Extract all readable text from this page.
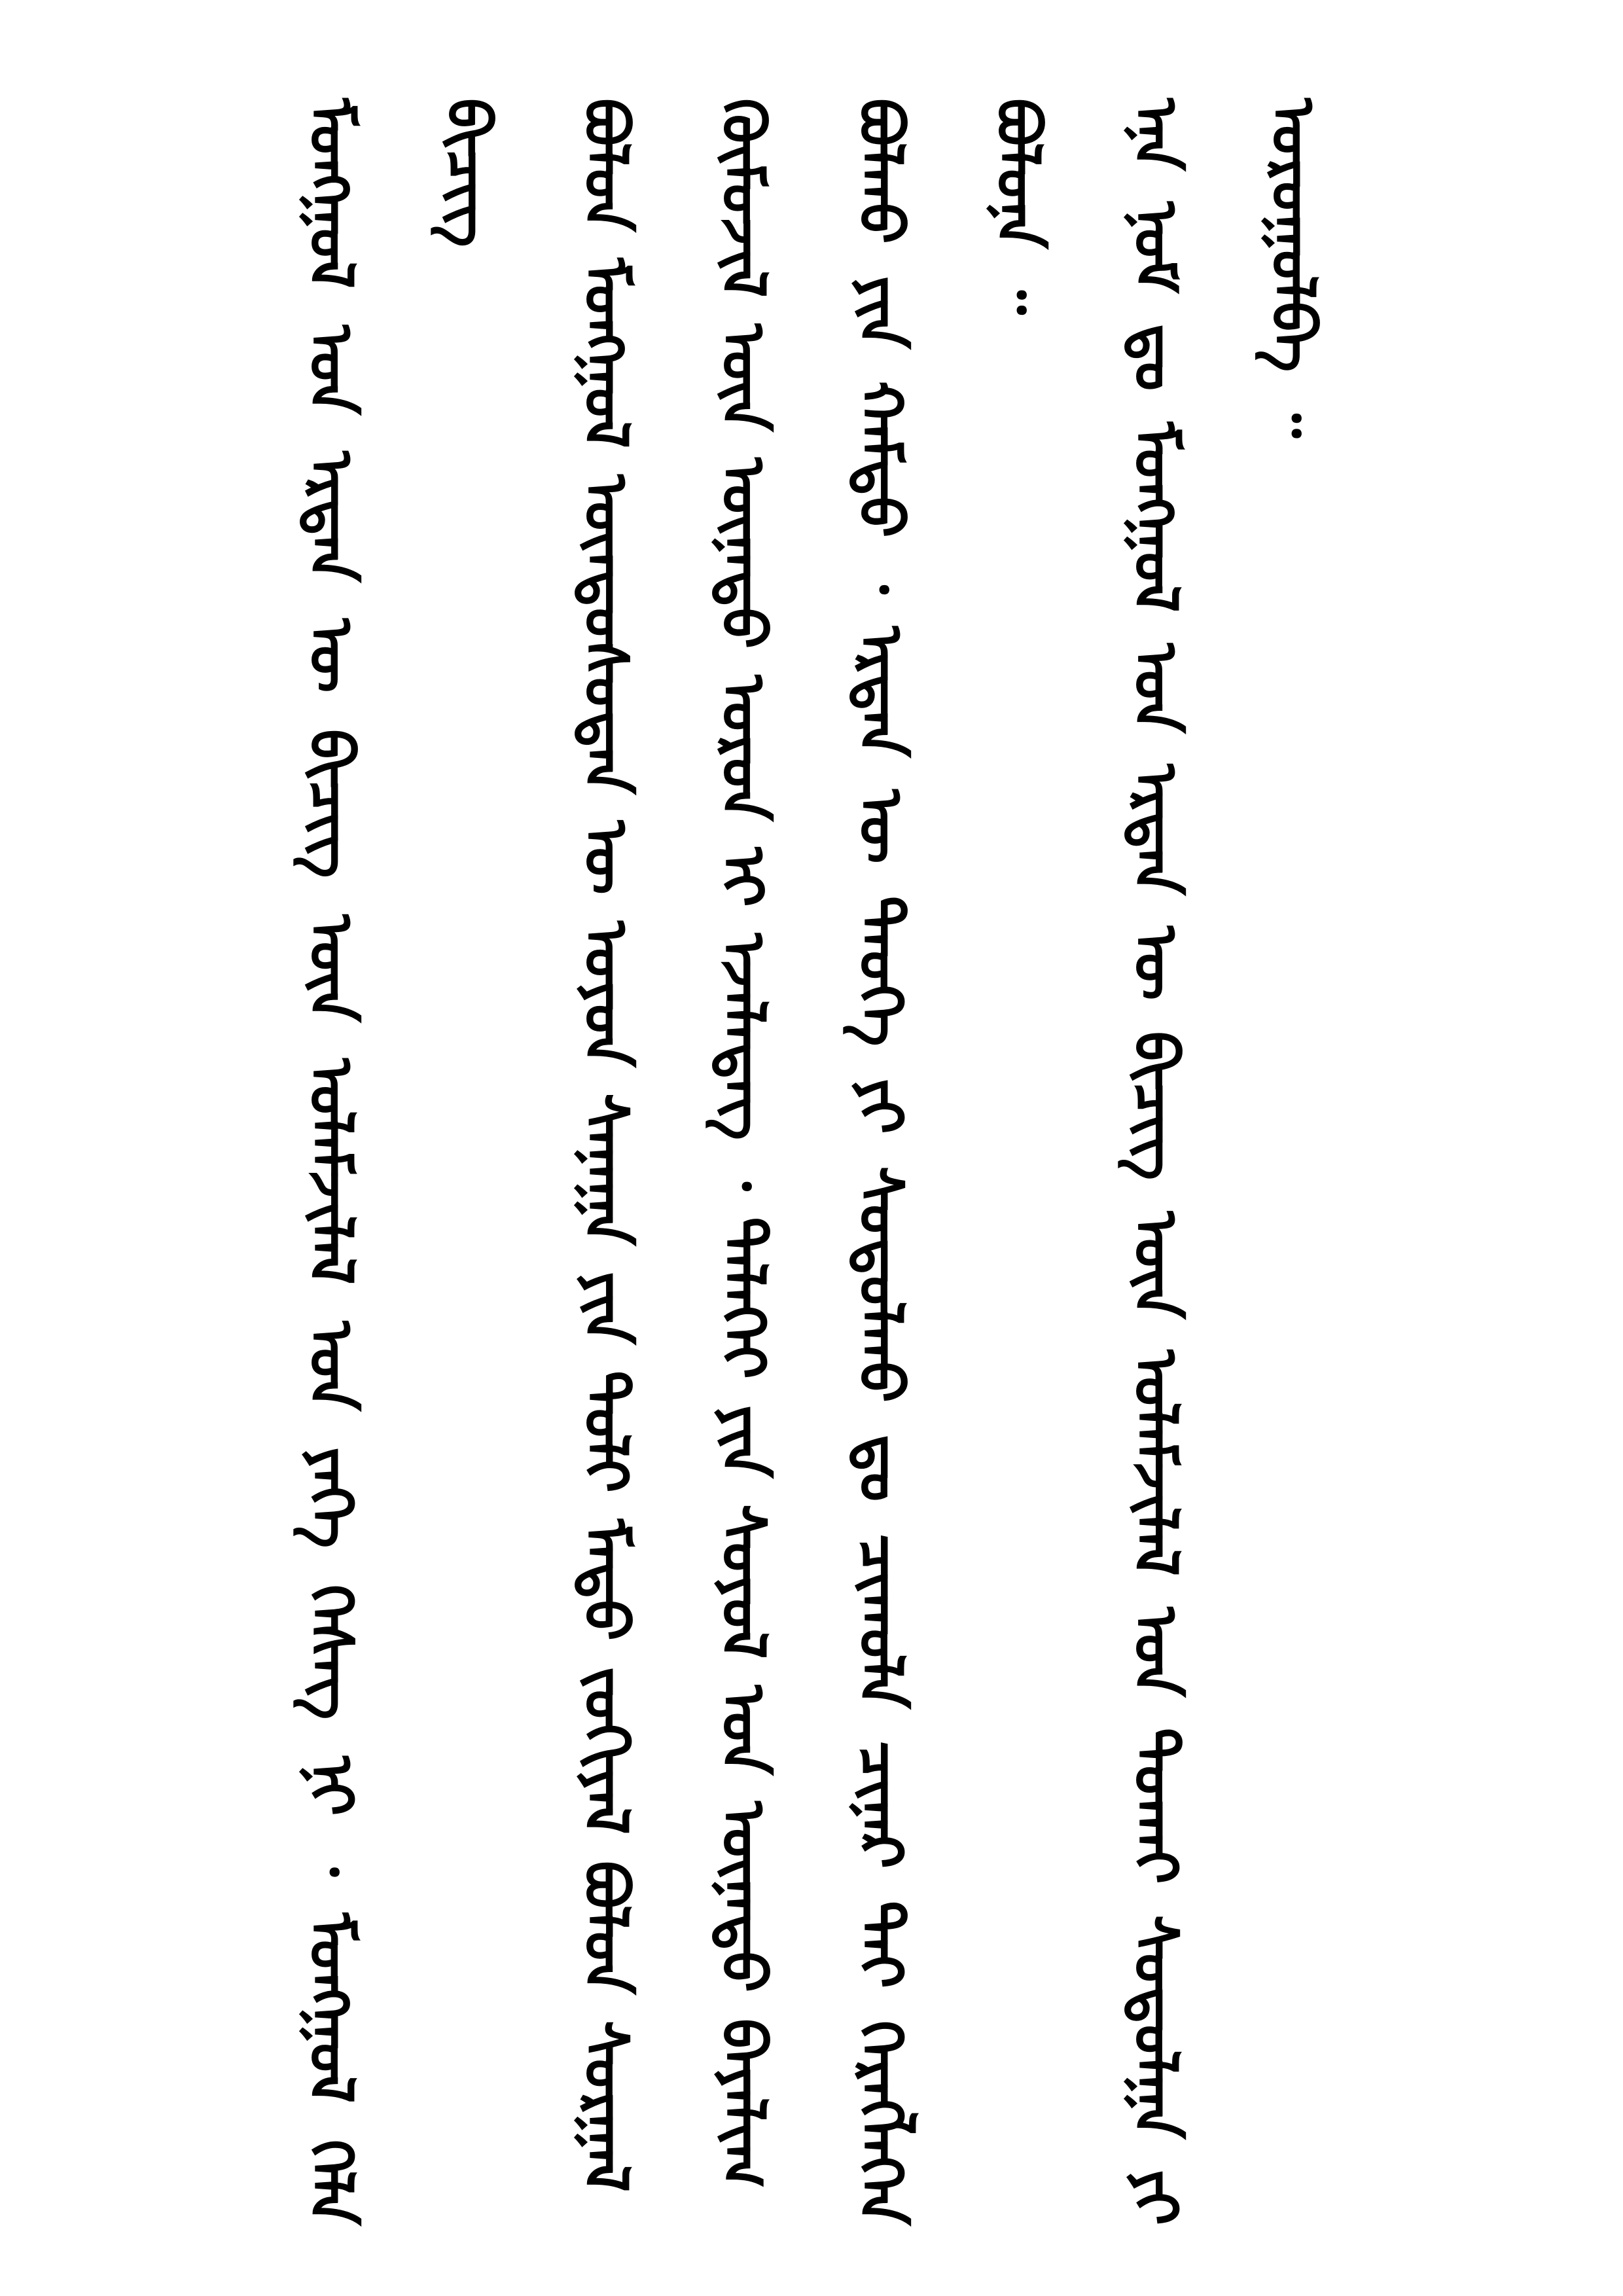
ᠮᠣᠩᠭᠣᠯ ᠤᠨ ᠡᠷᠲᠡᠨ ᠦ ᠪᠢᠴᠢᠭ ᠦᠨ ᠤᠯᠠᠮᠵᠢᠯᠠᠯ ᠤᠨ ᠶᠡᠬᠡ ᠬᠡᠰᠡᠭ ᠨᠢ ᠂ ᠮᠣᠩᠭᠣᠯ ᠬᠡᠯᠡ ᠪᠢᠴᠢᠭ	ᠪᠣᠯᠤᠨ ᠮᠣᠩᠭᠣᠯ ᠦᠨᠳᠦᠰᠦᠲᠡᠨ ᠦ ᠣᠶᠤᠨ ᠰᠠᠨᠠᠭᠠ ᠶᠢᠨ ᠲᠣᠯᠢ ᠮᠡᠲᠦ ᠵᠣᠬᠢᠶᠠᠯ ᠪᠣᠯᠤᠨ ᠰᠤᠷᠭᠠᠯ	ᠬᠦᠮᠦᠵᠢᠯ ᠦᠨ ᠦᠨᠡᠲᠦ ᠣᠷᠣᠨ ᠢ ᠡᠵᠡᠯᠡᠳᠡᠭ ᠂ ᠳᠡᠯᠡᠬᠡᠢ ᠶᠢᠨ ᠰᠣᠶᠣᠯ ᠤᠨ ᠦᠨᠡᠲᠦ ᠪᠠᠶᠠᠯᠢᠭ	ᠪᠣᠯᠬᠤ ᠶᠢᠨ ᠬᠠᠮᠲᠤ ᠂ ᠡᠷᠲᠡᠨ ᠦ ᠲᠡᠦᠬᠡ ᠶᠢ ᠰᠤᠳᠤᠯᠬᠤ ᠳᠤ ᠴᠢᠬᠤᠯᠠ ᠴᠢᠨᠠᠷ ᠲᠠᠢ ᠬᠡᠷᠡᠭᠯᠡᠭᠡᠨ ᠪᠣᠯᠤᠨᠠ ᠃	ᠡᠨᠡ ᠨᠣᠮ ᠳᠤ ᠮᠣᠩᠭᠣᠯ ᠤᠨ ᠡᠷᠲᠡᠨ ᠦ ᠪᠢᠴᠢᠭ ᠦᠨ ᠤᠯᠠᠮᠵᠢᠯᠠᠯ ᠤᠨ ᠲᠤᠬᠠᠢ ᠰᠤᠳᠤᠯᠭᠠ ᠶᠢ ᠣᠷᠤᠭᠤᠯᠪᠠ ᠃
